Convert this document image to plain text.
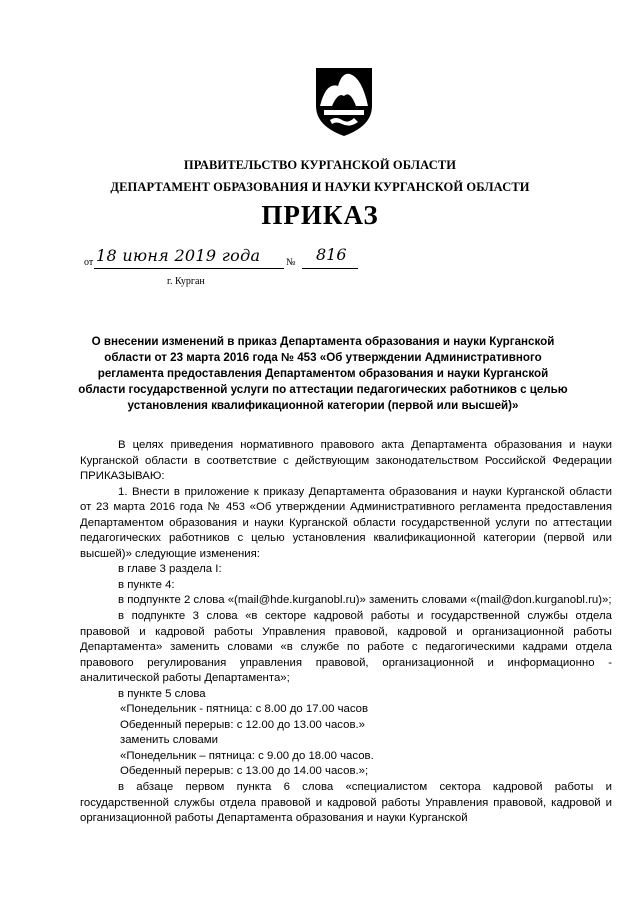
ПРАВИТЕЛЬСТВО КУРГАНСКОЙ ОБЛАСТИ
ДЕПАРТАМЕНТ ОБРАЗОВАНИЯ И НАУКИ КУРГАНСКОЙ ОБЛАСТИ
ПРИКАЗ
от 18 июня 2019 года	№ 816
г. Курган
О внесении изменений в приказ Департамента образования и науки Курганской области от 23 марта 2016 года № 453 «Об утверждении Административного регламента предоставления Департаментом образования и науки Курганской области государственной услуги по аттестации педагогических работников с целью установления квалификационной категории (первой или высшей)»

В целях приведения нормативного правового акта Департамента образования и науки Курганской области в соответствие с действующим законодательством Российской Федерации ПРИКАЗЫВАЮ:

1. Внести в приложение к приказу Департамента образования и науки Курганской области от 23 марта 2016 года № 453 «Об утверждении Административного регламента предоставления Департаментом образования и науки Курганской области государственной услуги по аттестации педагогических работников с целью установления квалификационной категории (первой или высшей)» следующие изменения:

в главе 3 раздела I:

в пункте 4:

в подпункте 2 слова «(mail@hde.kurganobl.ru)» заменить словами «(mail@don.kurganobl.ru)»;

в подпункте 3 слова «в секторе кадровой работы и государственной службы отдела правовой и кадровой работы Управления правовой, кадровой и организационной работы Департамента» заменить словами «в службе по работе с педагогическими кадрами отдела правового регулирования управления правовой, организационной и информационно - аналитической работы Департамента»;

в пункте 5 слова

«Понедельник - пятница: с 8.00 до 17.00 часов

Обеденный перерыв: с 12.00 до 13.00 часов.»

заменить словами

«Понедельник – пятница: с 9.00 до 18.00 часов.

Обеденный перерыв: с 13.00 до 14.00 часов.»;

в абзаце первом пункта 6 слова «специалистом сектора кадровой работы и государственной службы отдела правовой и кадровой работы Управления правовой, кадровой и организационной работы Департамента образования и науки Курганской
